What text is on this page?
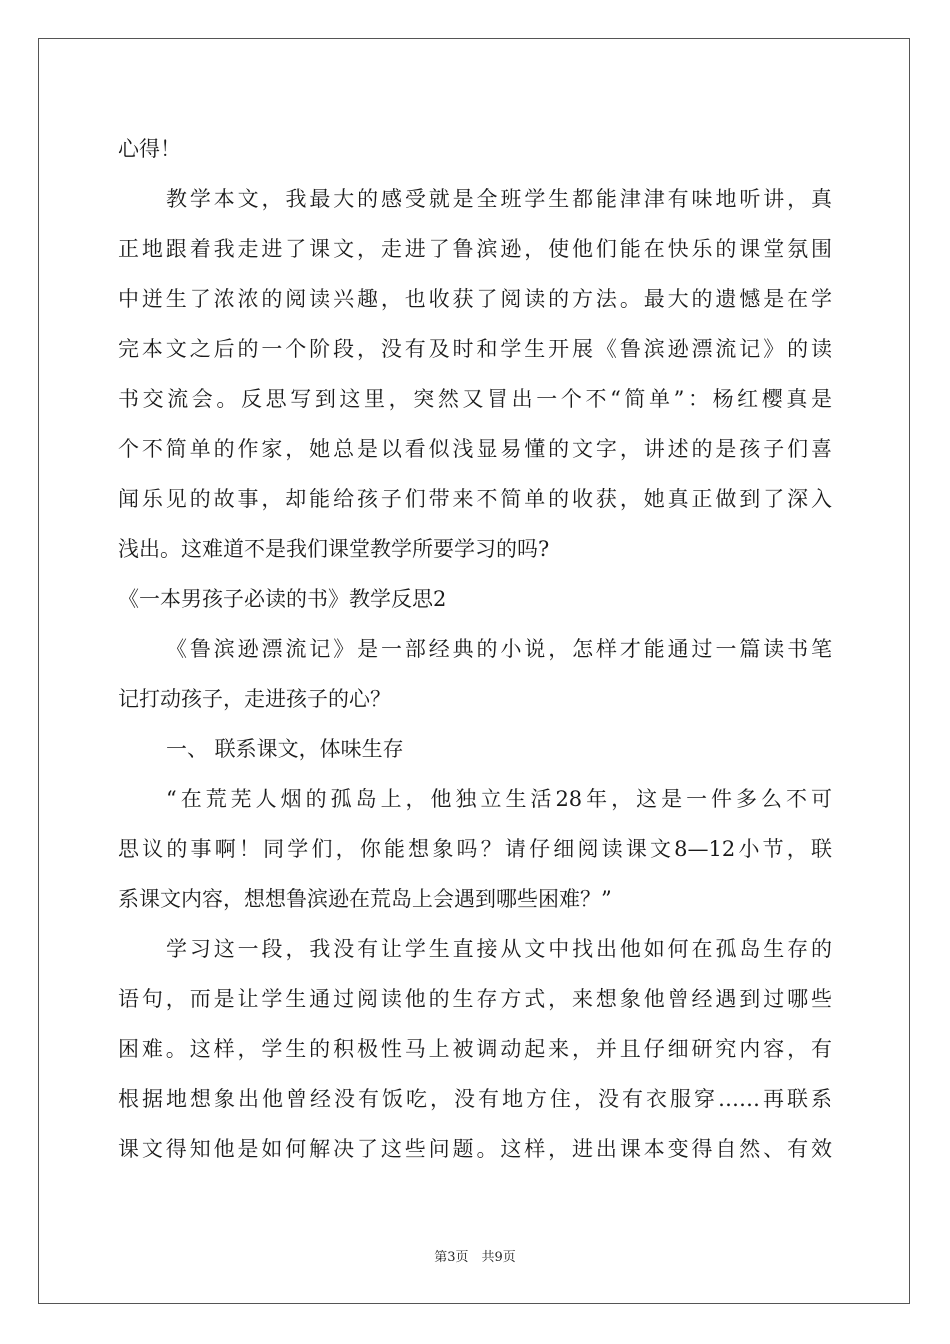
心得！
教学本文，我最大的感受就是全班学生都能津津有味地听讲，真
正地跟着我走进了课文，走进了鲁滨逊，使他们能在快乐的课堂氛围
中迸生了浓浓的阅读兴趣，也收获了阅读的方法。最大的遗憾是在学
完本文之后的一个阶段，没有及时和学生开展《鲁滨逊漂流记》的读
书交流会。反思写到这里，突然又冒出一个不“简单”：杨红樱真是
个不简单的作家，她总是以看似浅显易懂的文字，讲述的是孩子们喜
闻乐见的故事，却能给孩子们带来不简单的收获，她真正做到了深入
浅出。这难道不是我们课堂教学所要学习的吗?
《一本男孩子必读的书》教学反思2
《鲁滨逊漂流记》是一部经典的小说，怎样才能通过一篇读书笔
记打动孩子，走进孩子的心？
一、 联系课文，体味生存
“在荒芜人烟的孤岛上，他独立生活28年，这是一件多么不可
思议的事啊！同学们，你能想象吗？请仔细阅读课文8—12小节，联
系课文内容，想想鲁滨逊在荒岛上会遇到哪些困难？”
学习这一段，我没有让学生直接从文中找出他如何在孤岛生存的
语句，而是让学生通过阅读他的生存方式，来想象他曾经遇到过哪些
困难。这样，学生的积极性马上被调动起来，并且仔细研究内容，有
根据地想象出他曾经没有饭吃，没有地方住，没有衣服穿……再联系
课文得知他是如何解决了这些问题。这样，进出课本变得自然、有效
第3页　共9页
